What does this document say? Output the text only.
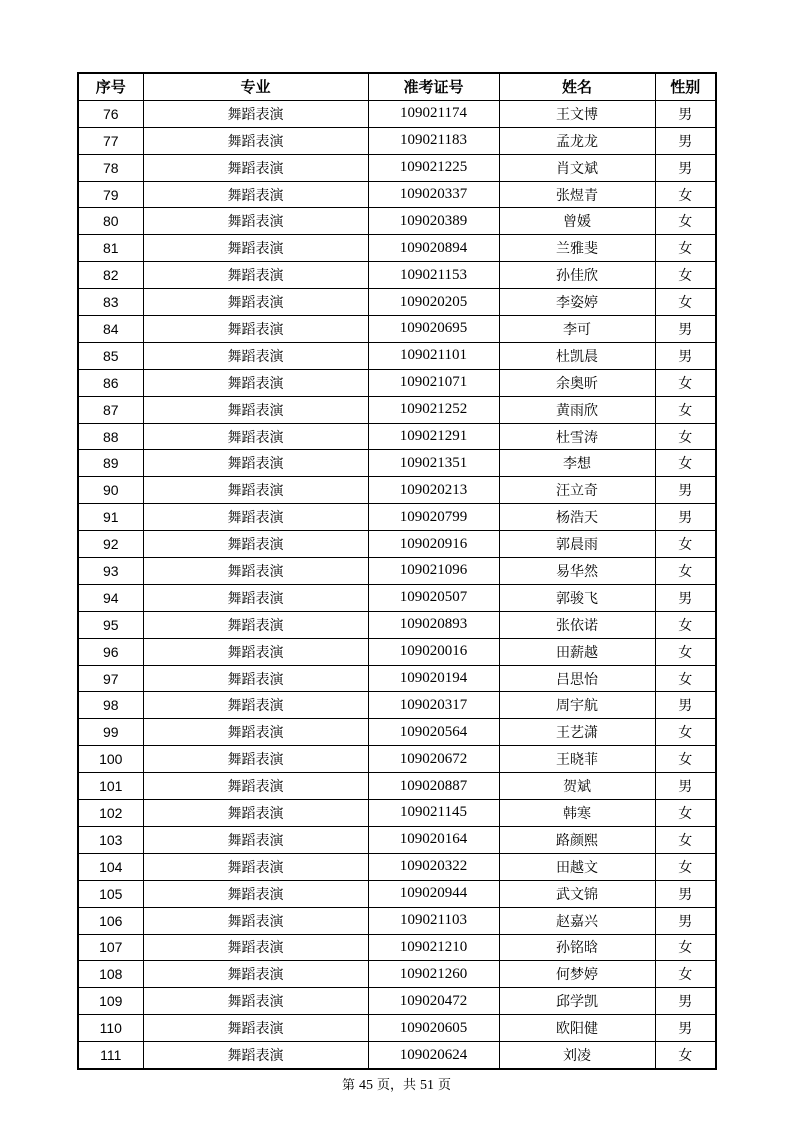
序号	专业	准考证号	姓名	性别
76	舞蹈表演	109021174	王文博	男
77	舞蹈表演	109021183	孟龙龙	男
78	舞蹈表演	109021225	肖文斌	男
79	舞蹈表演	109020337	张煜青	女
80	舞蹈表演	109020389	曾媛	女
81	舞蹈表演	109020894	兰雅斐	女
82	舞蹈表演	109021153	孙佳欣	女
83	舞蹈表演	109020205	李姿婷	女
84	舞蹈表演	109020695	李可	男
85	舞蹈表演	109021101	杜凯晨	男
86	舞蹈表演	109021071	余奥昕	女
87	舞蹈表演	109021252	黄雨欣	女
88	舞蹈表演	109021291	杜雪涛	女
89	舞蹈表演	109021351	李想	女
90	舞蹈表演	109020213	汪立奇	男
91	舞蹈表演	109020799	杨浩天	男
92	舞蹈表演	109020916	郭晨雨	女
93	舞蹈表演	109021096	易华然	女
94	舞蹈表演	109020507	郭骏飞	男
95	舞蹈表演	109020893	张依诺	女
96	舞蹈表演	109020016	田薪越	女
97	舞蹈表演	109020194	吕思怡	女
98	舞蹈表演	109020317	周宇航	男
99	舞蹈表演	109020564	王艺潇	女
100	舞蹈表演	109020672	王晓菲	女
101	舞蹈表演	109020887	贺斌	男
102	舞蹈表演	109021145	韩寒	女
103	舞蹈表演	109020164	路颜熙	女
104	舞蹈表演	109020322	田越文	女
105	舞蹈表演	109020944	武文锦	男
106	舞蹈表演	109021103	赵嘉兴	男
107	舞蹈表演	109021210	孙铭晗	女
108	舞蹈表演	109021260	何梦婷	女
109	舞蹈表演	109020472	邱学凯	男
110	舞蹈表演	109020605	欧阳健	男
111	舞蹈表演	109020624	刘凌	女
第 45 页，共 51 页
